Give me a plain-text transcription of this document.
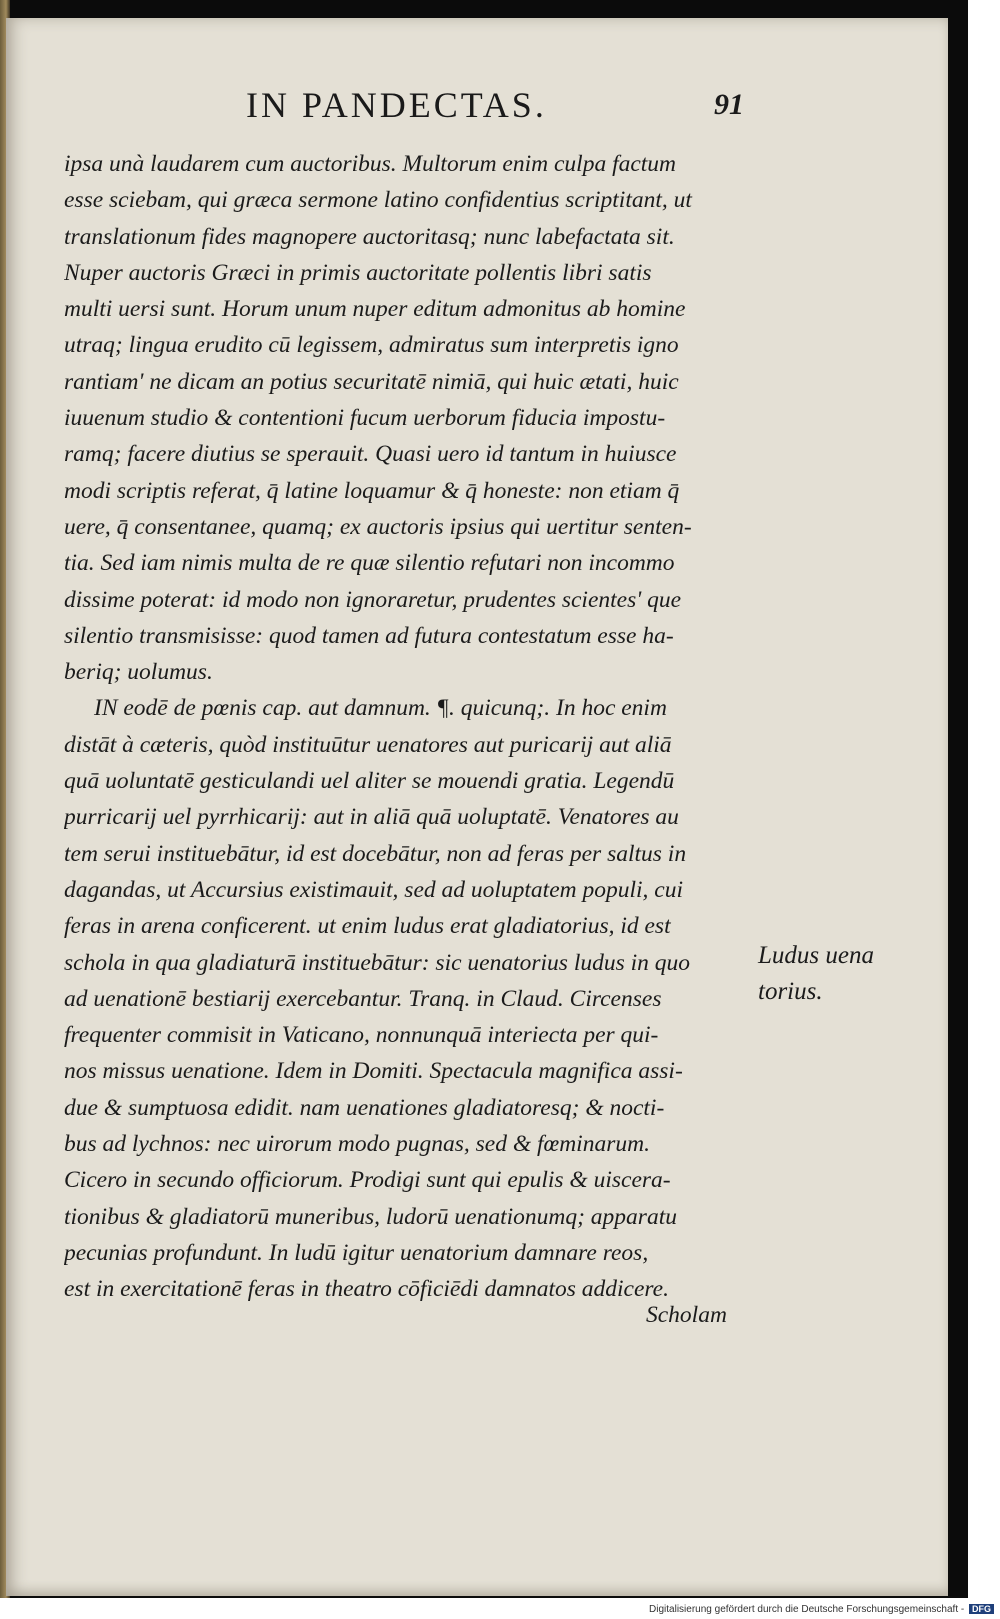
IN PANDECTAS.	91
ipsa unà laudarem cum auctoribus. Multorum enim culpa factum
esse sciebam, qui græca sermone latino confidentius scriptitant, ut
translationum fides magnopere auctoritasq; nunc labefactata sit.
Nuper auctoris Græci in primis auctoritate pollentis libri satis
multi uersi sunt. Horum unum nuper editum admonitus ab homine
utraq; lingua erudito cū legissem, admiratus sum interpretis igno
rantiam' ne dicam an potius securitatē nimiā, qui huic ætati, huic
iuuenum studio & contentioni fucum uerborum fiducia impostu-
ramq; facere diutius se sperauit. Quasi uero id tantum in huiusce
modi scriptis referat, q̄ latine loquamur & q̄ honeste: non etiam q̄
uere, q̄ consentanee, quamq; ex auctoris ipsius qui uertitur senten-
tia. Sed iam nimis multa de re quæ silentio refutari non incommo
dissime poterat: id modo non ignoraretur, prudentes scientes' que
silentio transmisisse: quod tamen ad futura contestatum esse ha-
beriq; uolumus.
IN eodē de pœnis cap. aut damnum. ¶. quicunq;. In hoc enim
distāt à cæteris, quòd instituūtur uenatores aut puricarij aut aliā
quā uoluntatē gesticulandi uel aliter se mouendi gratia. Legendū
purricarij uel pyrrhicarij: aut in aliā quā uoluptatē. Venatores au
tem serui instituebātur, id est docebātur, non ad feras per saltus in
dagandas, ut Accursius existimauit, sed ad uoluptatem populi, cui
feras in arena conficerent. ut enim ludus erat gladiatorius, id est
schola in qua gladiaturā instituebātur: sic uenatorius ludus in quo
ad uenationē bestiarij exercebantur. Tranq. in Claud. Circenses
frequenter commisit in Vaticano, nonnunquā interiecta per qui-
nos missus uenatione. Idem in Domiti. Spectacula magnifica assi-
due & sumptuosa edidit. nam uenationes gladiatoresq; & nocti-
bus ad lychnos: nec uirorum modo pugnas, sed & fœminarum.
Cicero in secundo officiorum. Prodigi sunt qui epulis & uiscera-
tionibus & gladiatorū muneribus, ludorū uenationumq; apparatu
pecunias profundunt. In ludū igitur uenatorium damnare reos,
est in exercitationē feras in theatro cōficiēdi damnatos addicere.
Ludus uena
torius.
Scholam
Digitalisierung gefördert durch die Deutsche Forschungsgemeinschaft - DFG
